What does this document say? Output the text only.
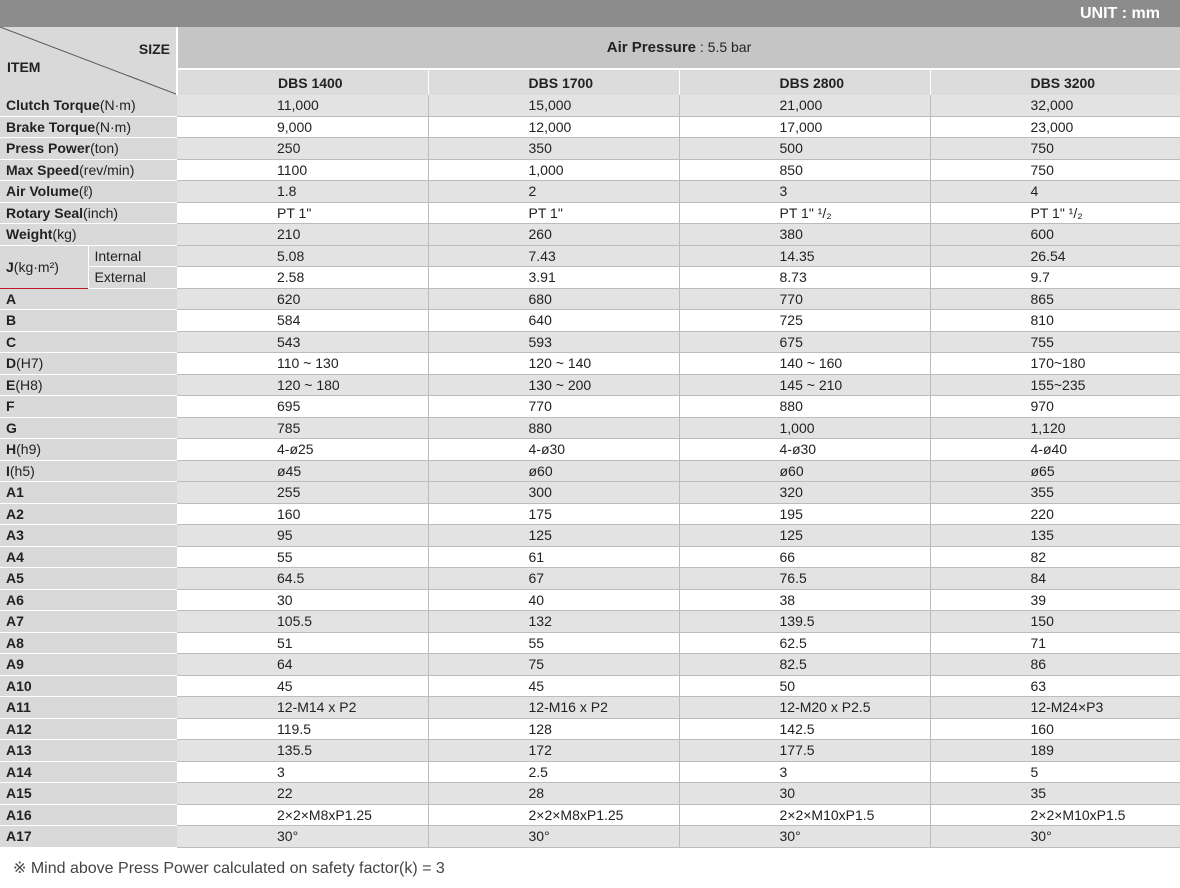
UNIT : mm
SIZE
ITEM		Air Pressure : 5.5 bar			
		DBS 1400	DBS 1700	DBS 2800	DBS 3200
Clutch Torque(N·m)		11,000	15,000	21,000	32,000
Brake Torque(N·m)		9,000	12,000	17,000	23,000
Press Power(ton)		250	350	500	750
Max Speed(rev/min)		1100	1,000	850	750
Air Volume(ℓ)		1.8	2	3	4
Rotary Seal(inch)		PT 1"	PT 1"	PT 1" ¹/₂	PT 1" ¹/₂
Weight(kg)		210	260	380	600
J(kg·m²)	Internal	5.08	7.43	14.35	26.54
	External	2.58	3.91	8.73	9.7
A		620	680	770	865
B		584	640	725	810
C		543	593	675	755
D(H7)		110 ~ 130	120 ~ 140	140 ~ 160	170~180
E(H8)		120 ~ 180	130 ~ 200	145 ~ 210	155~235
F		695	770	880	970
G		785	880	1,000	1,120
H(h9)		4-ø25	4-ø30	4-ø30	4-ø40
I(h5)		ø45	ø60	ø60	ø65
A1		255	300	320	355
A2		160	175	195	220
A3		95	125	125	135
A4		55	61	66	82
A5		64.5	67	76.5	84
A6		30	40	38	39
A7		105.5	132	139.5	150
A8		51	55	62.5	71
A9		64	75	82.5	86
A10		45	45	50	63
A11		12-M14 x P2	12-M16 x P2	12-M20 x P2.5	12-M24×P3
A12		119.5	128	142.5	160
A13		135.5	172	177.5	189
A14		3	2.5	3	5
A15		22	28	30	35
A16		2×2×M8xP1.25	2×2×M8xP1.25	2×2×M10xP1.5	2×2×M10xP1.5
A17		30°	30°	30°	30°
※ Mind above Press Power calculated on safety factor(k) = 3
